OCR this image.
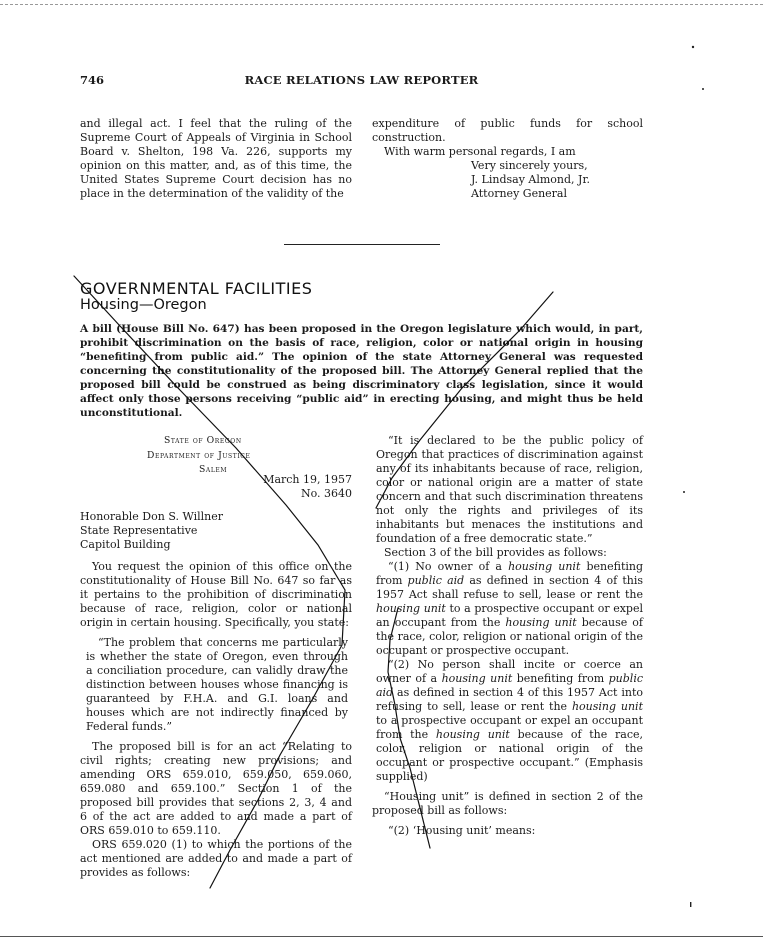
746	RACE RELATIONS LAW REPORTER

and illegal act. I feel that the ruling of the Supreme Court of Appeals of Virginia in School Board v. Shelton, 198 Va. 226, supports my opinion on this matter, and, as of this time, the United States Supreme Court decision has no place in the determination of the validity of the

expenditure of public funds for school construction.

With warm personal regards, I am

Very sincerely yours,

J. Lindsay Almond, Jr.

Attorney General

GOVERNMENTAL FACILITIES
Housing—Oregon
A bill (House Bill No. 647) has been proposed in the Oregon legislature which would, in part, prohibit discrimination on the basis of race, religion, color or national origin in housing “benefiting from public aid.” The opinion of the state Attorney General was requested concerning the constitutionality of the proposed bill. The Attorney General replied that the proposed bill could be construed as being discriminatory class legislation, since it would affect only those persons receiving “public aid” in erecting housing, and might thus be held unconstitutional.
State of Oregon
Department of Justice
Salem
March 19, 1957
No. 3640
Honorable Don S. Willner
State Representative
Capitol Building

You request the opinion of this office on the constitutionality of House Bill No. 647 so far as it pertains to the prohibition of discrimination because of race, religion, color or national origin in certain housing. Specifically, you state:

“The problem that concerns me particularly is whether the state of Oregon, even through a conciliation procedure, can validly draw the distinction between houses whose financing is guaranteed by F.H.A. and G.I. loans and houses which are not indirectly financed by Federal funds.”

The proposed bill is for an act “Relating to civil rights; creating new provisions; and amending ORS 659.010, 659.050, 659.060, 659.080 and 659.100.” Section 1 of the proposed bill provides that sections 2, 3, 4 and 6 of the act are added to and made a part of ORS 659.010 to 659.110.

ORS 659.020 (1) to which the portions of the act mentioned are added to and made a part of provides as follows:

“It is declared to be the public policy of Oregon that practices of discrimination against any of its inhabitants because of race, religion, color or national origin are a matter of state concern and that such discrimination threatens not only the rights and privileges of its inhabitants but menaces the institutions and foundation of a free democratic state.”

Section 3 of the bill provides as follows:

“(1) No owner of a housing unit benefiting from public aid as defined in section 4 of this 1957 Act shall refuse to sell, lease or rent the housing unit to a prospective occupant or expel an occupant from the housing unit because of the race, color, religion or national origin of the occupant or prospective occupant.

“(2) No person shall incite or coerce an owner of a housing unit benefiting from public aid as defined in section 4 of this 1957 Act into refusing to sell, lease or rent the housing unit to a prospective occupant or expel an occupant from the housing unit because of the race, color, religion or national origin of the occupant or prospective occupant.” (Emphasis supplied)

“Housing unit” is defined in section 2 of the proposed bill as follows:

“(2) ‘Housing unit’ means:
